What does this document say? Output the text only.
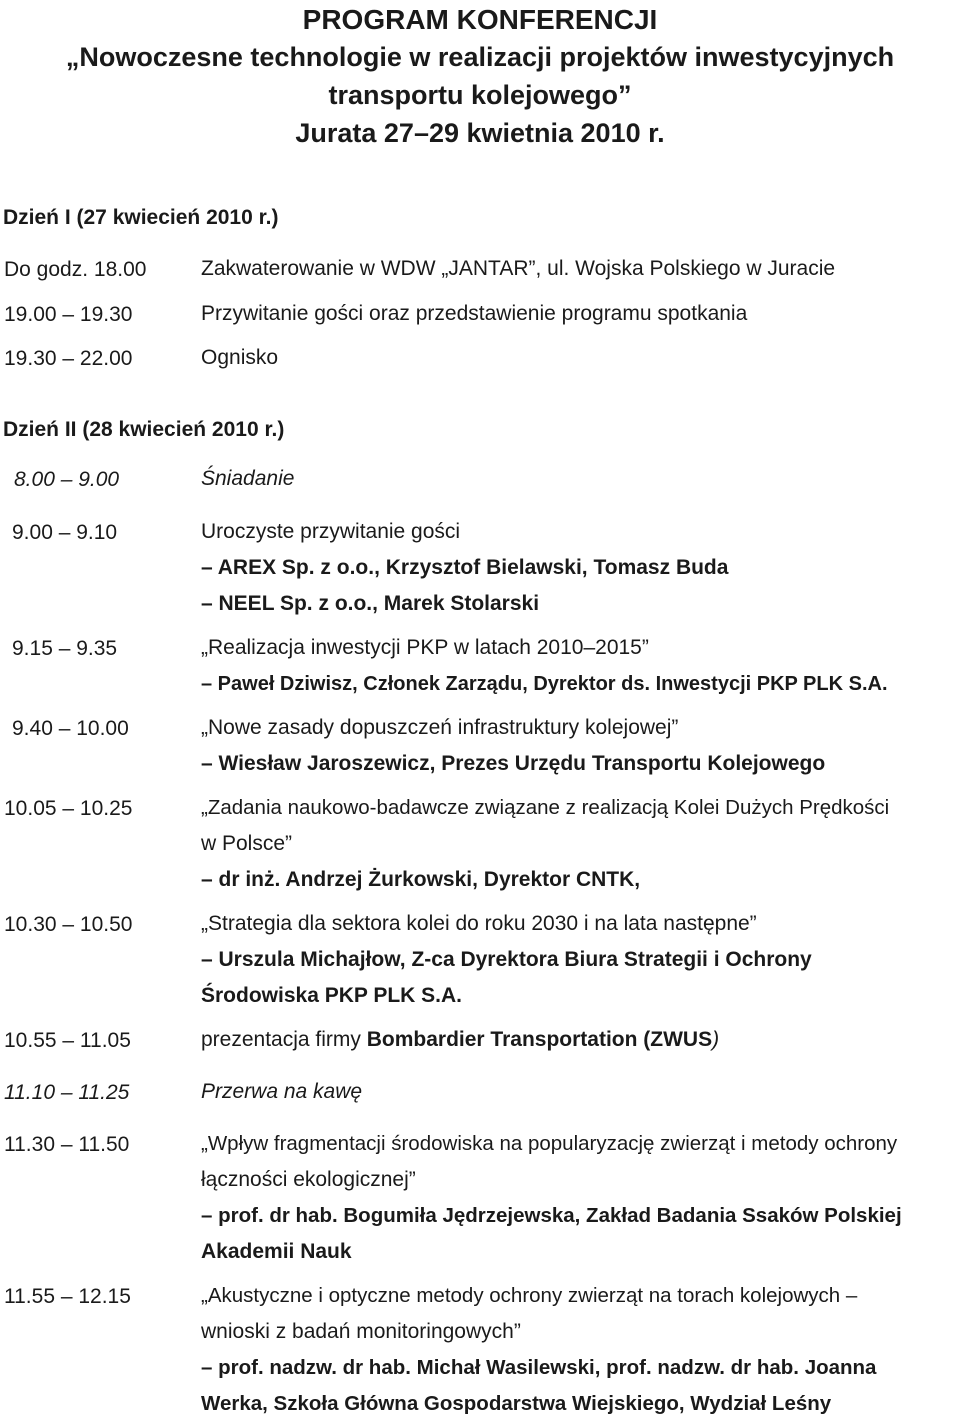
PROGRAM KONFERENCJI
„Nowoczesne technologie w realizacji projektów inwestycyjnych
transportu kolejowego”
Jurata 27–29 kwietnia 2010 r.
Dzień I (27 kwiecień 2010 r.)
Do godz. 18.00	Zakwaterowanie w WDW „JANTAR”, ul. Wojska Polskiego w Juracie
19.00 – 19.30	Przywitanie gości oraz przedstawienie programu spotkania
19.30 – 22.00	Ognisko
Dzień II (28 kwiecień 2010 r.)
8.00 – 9.00	Śniadanie
9.00 – 9.10	Uroczyste przywitanie gości
– AREX Sp. z o.o., Krzysztof Bielawski, Tomasz Buda
– NEEL Sp. z o.o., Marek Stolarski
9.15 – 9.35	„Realizacja inwestycji PKP w latach 2010–2015”
– Paweł Dziwisz, Członek Zarządu, Dyrektor ds. Inwestycji PKP PLK S.A.
9.40 – 10.00	„Nowe zasady dopuszczeń infrastruktury kolejowej”
– Wiesław Jaroszewicz, Prezes Urzędu Transportu Kolejowego
10.05 – 10.25	„Zadania naukowo-badawcze związane z realizacją Kolei Dużych Prędkości
w Polsce”
– dr inż. Andrzej Żurkowski, Dyrektor CNTK,
10.30 – 10.50	„Strategia dla sektora kolei do roku 2030 i na lata następne”
– Urszula Michajłow, Z-ca Dyrektora Biura Strategii i Ochrony
Środowiska PKP PLK S.A.
10.55 – 11.05	prezentacja firmy Bombardier Transportation (ZWUS)
11.10 – 11.25	Przerwa na kawę
11.30 – 11.50	„Wpływ fragmentacji środowiska na popularyzację zwierząt i metody ochrony
łączności ekologicznej”
– prof. dr hab. Bogumiła Jędrzejewska, Zakład Badania Ssaków Polskiej
Akademii Nauk
11.55 – 12.15	„Akustyczne i optyczne metody ochrony zwierząt na torach kolejowych –
wnioski z badań monitoringowych”
– prof. nadzw. dr hab. Michał Wasilewski, prof. nadzw. dr hab. Joanna
Werka, Szkoła Główna Gospodarstwa Wiejskiego, Wydział Leśny
